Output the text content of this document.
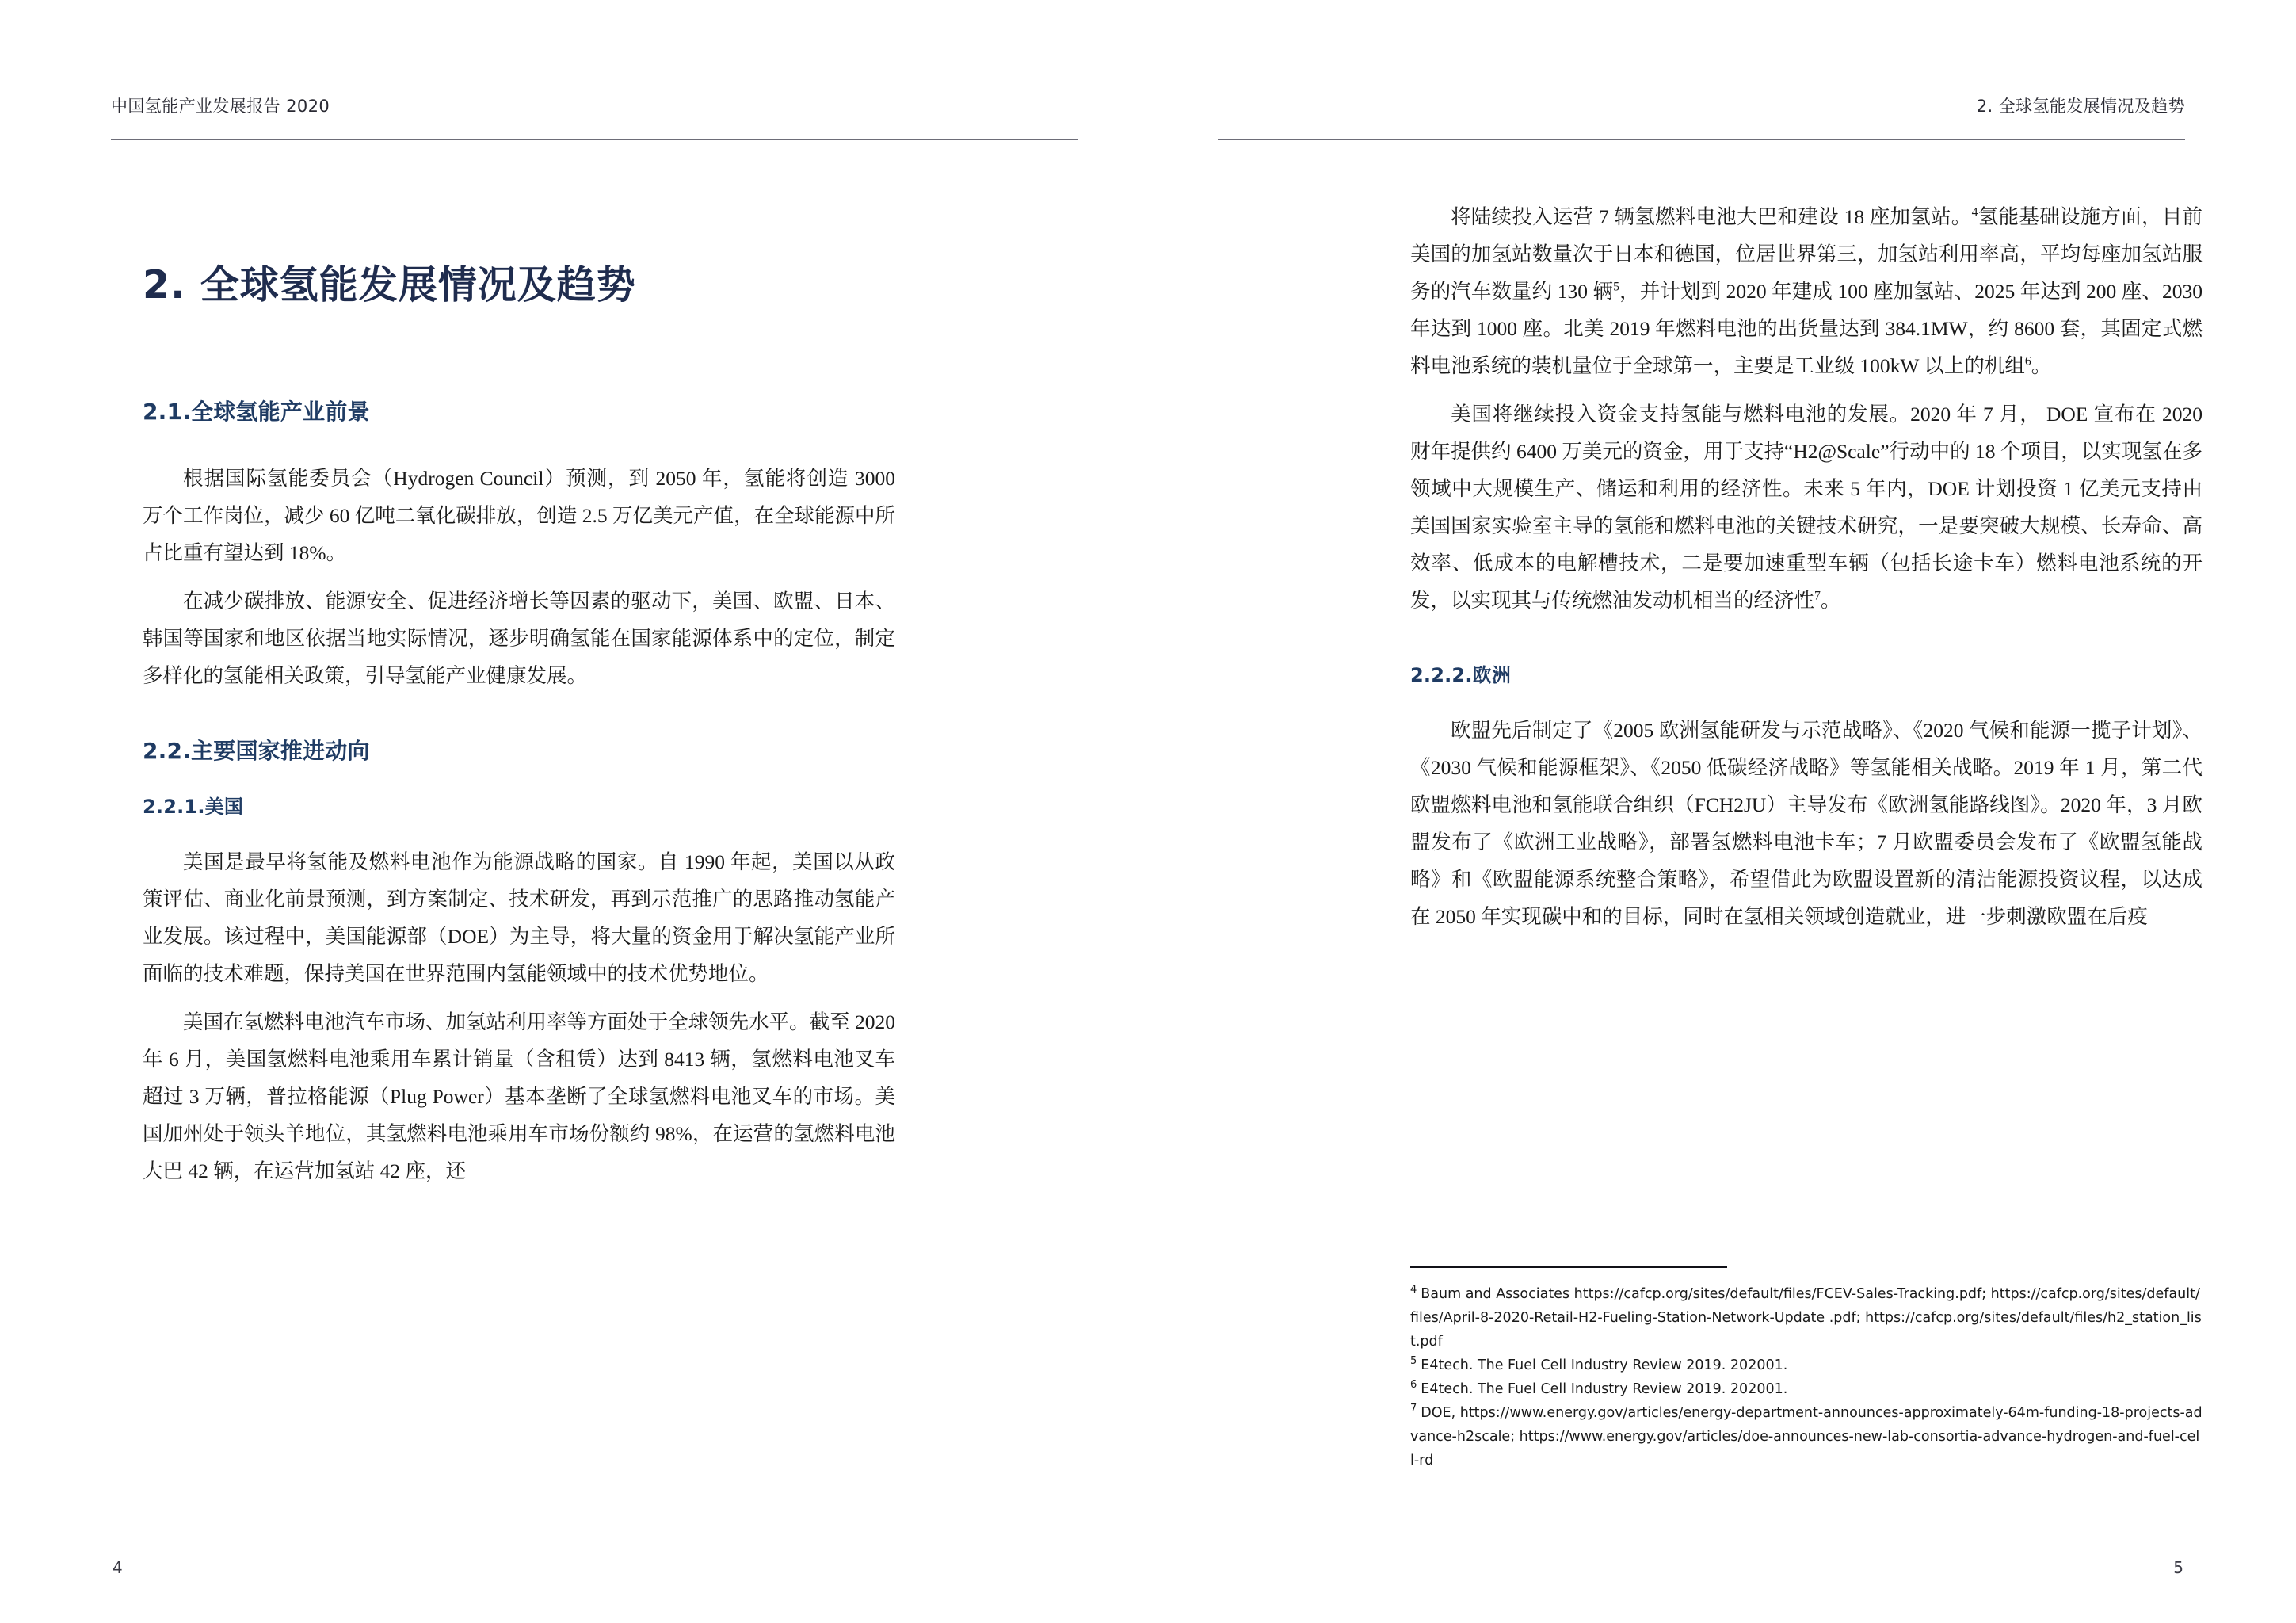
中国氢能产业发展报告 2020
2. 全球氢能发展情况及趋势
2.1.全球氢能产业前景

根据国际氢能委员会（Hydrogen Council）预测，到 2050 年，氢能将创造 3000 万个工作岗位，减少 60 亿吨二氧化碳排放，创造 2.5 万亿美元产值，在全球能源中所占比重有望达到 18%。

在减少碳排放、能源安全、促进经济增长等因素的驱动下，美国、欧盟、日本、韩国等国家和地区依据当地实际情况，逐步明确氢能在国家能源体系中的定位，制定多样化的氢能相关政策，引导氢能产业健康发展。

2.2.主要国家推进动向
2.2.1.美国

美国是最早将氢能及燃料电池作为能源战略的国家。自 1990 年起，美国以从政策评估、商业化前景预测，到方案制定、技术研发，再到示范推广的思路推动氢能产业发展。该过程中，美国能源部（DOE）为主导，将大量的资金用于解决氢能产业所面临的技术难题，保持美国在世界范围内氢能领域中的技术优势地位。

美国在氢燃料电池汽车市场、加氢站利用率等方面处于全球领先水平。截至 2020 年 6 月，美国氢燃料电池乘用车累计销量（含租赁）达到 8413 辆，氢燃料电池叉车超过 3 万辆，普拉格能源（Plug Power）基本垄断了全球氢燃料电池叉车的市场。美国加州处于领头羊地位，其氢燃料电池乘用车市场份额约 98%，在运营的氢燃料电池大巴 42 辆，在运营加氢站 42 座，还

4
2. 全球氢能发展情况及趋势

将陆续投入运营 7 辆氢燃料电池大巴和建设 18 座加氢站。$^4$氢能基础设施方面，目前美国的加氢站数量次于日本和德国，位居世界第三，加氢站利用率高，平均每座加氢站服务的汽车数量约 130 辆$^5$，并计划到 2020 年建成 100 座加氢站、2025 年达到 200 座、2030 年达到 1000 座。北美 2019 年燃料电池的出货量达到 384.1MW，约 8600 套，其固定式燃料电池系统的装机量位于全球第一，主要是工业级 100kW 以上的机组$^6$。

美国将继续投入资金支持氢能与燃料电池的发展。2020 年 7 月， DOE 宣布在 2020 财年提供约 6400 万美元的资金，用于支持“H2@Scale”行动中的 18 个项目，以实现氢在多领域中大规模生产、储运和利用的经济性。未来 5 年内，DOE 计划投资 1 亿美元支持由美国国家实验室主导的氢能和燃料电池的关键技术研究，一是要突破大规模、长寿命、高效率、低成本的电解槽技术，二是要加速重型车辆（包括长途卡车）燃料电池系统的开发，以实现其与传统燃油发动机相当的经济性$^7$。

2.2.2.欧洲

欧盟先后制定了《2005 欧洲氢能研发与示范战略》、《2020 气候和能源一揽子计划》、《2030 气候和能源框架》、《2050 低碳经济战略》等氢能相关战略。2019 年 1 月，第二代欧盟燃料电池和氢能联合组织（FCH2JU）主导发布《欧洲氢能路线图》。2020 年，3 月欧盟发布了《欧洲工业战略》，部署氢燃料电池卡车；7 月欧盟委员会发布了《欧盟氢能战略》和《欧盟能源系统整合策略》，希望借此为欧盟设置新的清洁能源投资议程，以达成在 2050 年实现碳中和的目标，同时在氢相关领域创造就业，进一步刺激欧盟在后疫

$^4$ Baum and Associates https://cafcp.org/sites/default/files/FCEV-Sales-Tracking.pdf; https://cafcp.org/sites/default/files/April-8-2020-Retail-H2-Fueling-Station-Network-Update .pdf; https://cafcp.org/sites/default/files/h2_station_list.pdf

$^5$ E4tech. The Fuel Cell Industry Review 2019. 202001.

$^6$ E4tech. The Fuel Cell Industry Review 2019. 202001.

$^7$ DOE, https://www.energy.gov/articles/energy-department-announces-approximately-64m-funding-18-projects-advance-h2scale; https://www.energy.gov/articles/doe-announces-new-lab-consortia-advance-hydrogen-and-fuel-cell-rd

5
